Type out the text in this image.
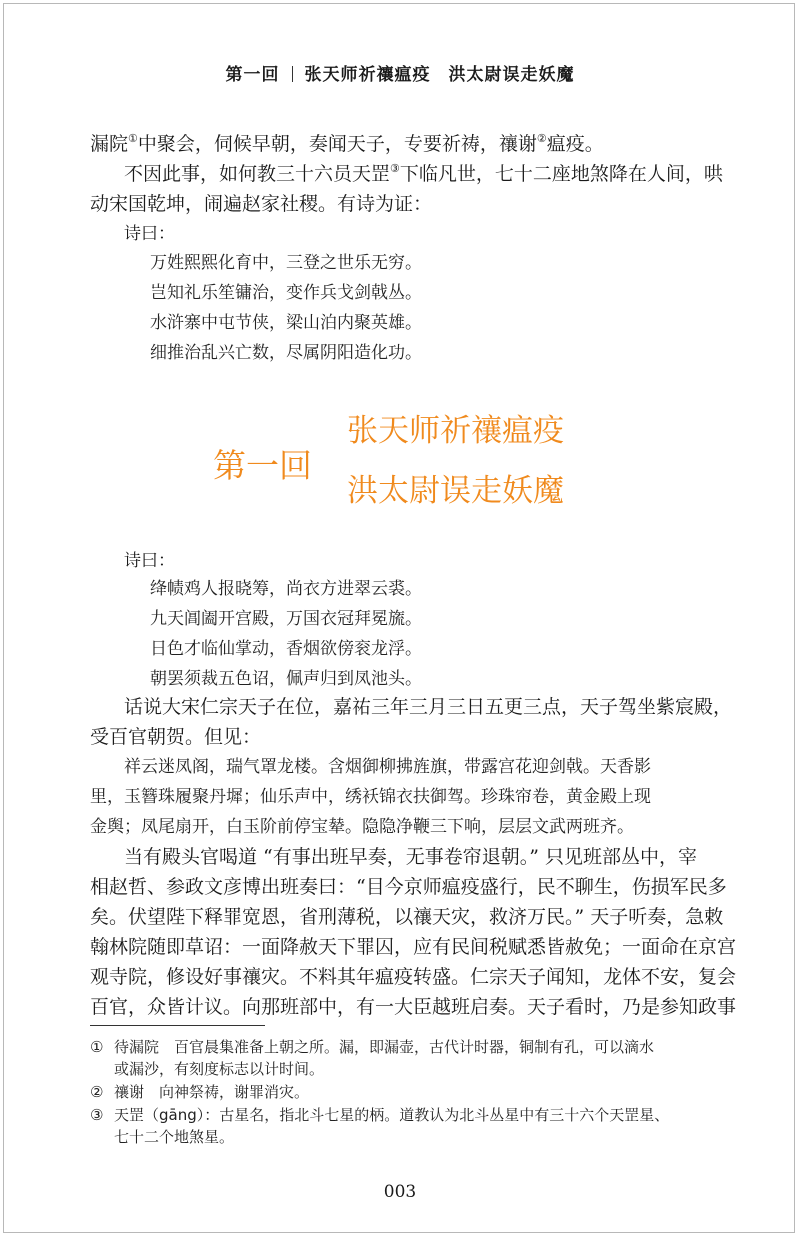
第一回 张天师祈禳瘟疫 洪太尉误走妖魔
漏院①中聚会，伺候早朝，奏闻天子，专要祈祷，禳谢②瘟疫。
不因此事，如何教三十六员天罡③下临凡世，七十二座地煞降在人间，哄
动宋国乾坤，闹遍赵家社稷。有诗为证：
诗曰：
万姓熙熙化育中，三登之世乐无穷。
岂知礼乐笙镛治，变作兵戈剑戟丛。
水浒寨中屯节侠，梁山泊内聚英雄。
细推治乱兴亡数，尽属阴阳造化功。
第一回
张天师祈禳瘟疫
洪太尉误走妖魔
诗曰：
绛帻鸡人报晓筹，尚衣方进翠云裘。
九天阊阖开宫殿，万国衣冠拜冕旒。
日色才临仙掌动，香烟欲傍衮龙浮。
朝罢须裁五色诏，佩声归到凤池头。
话说大宋仁宗天子在位，嘉祐三年三月三日五更三点，天子驾坐紫宸殿，
受百官朝贺。但见：
祥云迷凤阁，瑞气罩龙楼。含烟御柳拂旌旗，带露宫花迎剑戟。天香影
里，玉簪珠履聚丹墀；仙乐声中，绣袄锦衣扶御驾。珍珠帘卷，黄金殿上现
金舆；凤尾扇开，白玉阶前停宝辇。隐隐净鞭三下响，层层文武两班齐。
当有殿头官喝道 “有事出班早奏，无事卷帘退朝。” 只见班部丛中，宰
相赵哲、参政文彦博出班奏曰：“目今京师瘟疫盛行，民不聊生，伤损军民多
矣。伏望陛下释罪宽恩，省刑薄税，以禳天灾，救济万民。” 天子听奏，急敕
翰林院随即草诏：一面降赦天下罪囚，应有民间税赋悉皆赦免；一面命在京宫
观寺院，修设好事禳灾。不料其年瘟疫转盛。仁宗天子闻知，龙体不安，复会
百官，众皆计议。向那班部中，有一大臣越班启奏。天子看时，乃是参知政事
① 待漏院　百官晨集准备上朝之所。漏，即漏壶，古代计时器，铜制有孔，可以滴水
或漏沙，有刻度标志以计时间。
② 禳谢　向神祭祷，谢罪消灾。
③ 天罡（gāng）：古星名，指北斗七星的柄。道教认为北斗丛星中有三十六个天罡星、
七十二个地煞星。
003
